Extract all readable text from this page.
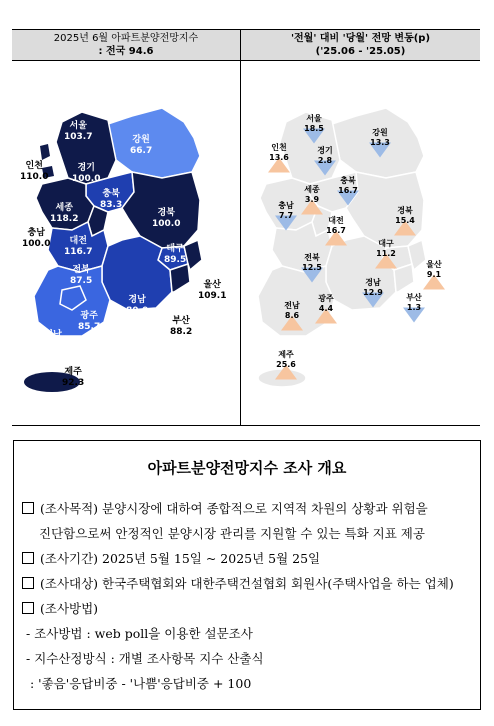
2025년 6월 아파트분양전망지수
: 전국 94.6
'전월' 대비 '당월' 전망 변동(p)
('25.06 - '25.05)
서울
103.7	강원
66.7
인천
110.0
경기
100.0
세종
118.2
충북
83.3
충남
100.0
경북
100.0
대전
116.7	대구
89.5
전북
87.5	울산
109.1
경남
80.0
부산
88.2
광주
85.7
전남
77.8
제주
92.3
서울
18.5	강원
13.3
인천
13.6
경기
2.8
세종
3.9
충북
16.7
충남
7.7
대전
16.7
경북
15.4
대구
11.2
전북
12.5	울산
9.1
경남
12.9
부산
1.3
광주
4.4
전남
8.6
제주
25.6
아파트분양전망지수 조사 개요
(조사목적) 분양시장에 대하여 종합적으로 지역적 차원의 상황과 위험을
진단함으로써 안정적인 분양시장 관리를 지원할 수 있는 특화 지표 제공
(조사기간) 2025년 5월 15일 ~ 2025년 5월 25일
(조사대상) 한국주택협회와 대한주택건설협회 회원사(주택사업을 하는 업체)
(조사방법)
- 조사방법 : web poll을 이용한 설문조사
- 지수산정방식 : 개별 조사항목 지수 산출식
: '좋음'응답비중 - '나쁨'응답비중 + 100
